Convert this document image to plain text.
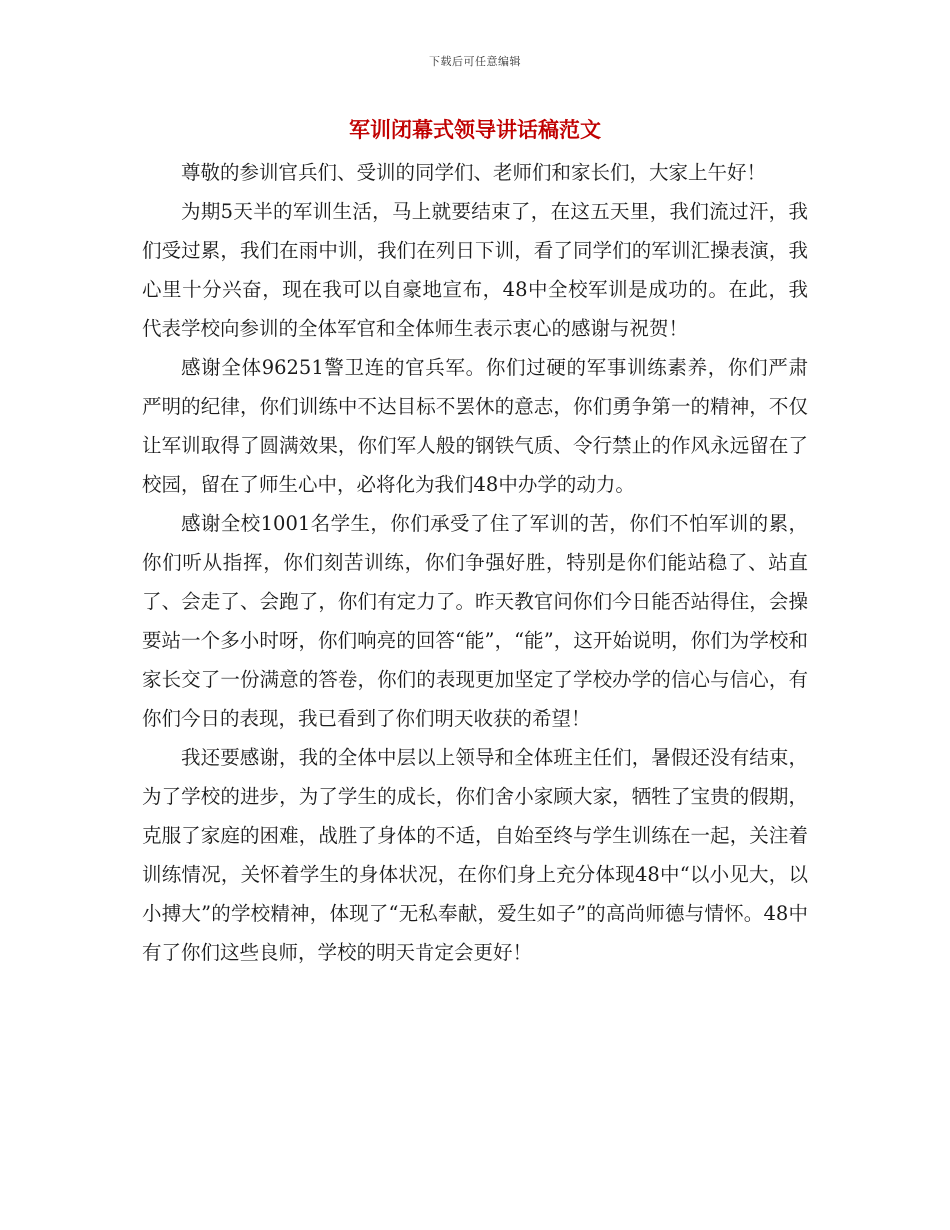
下载后可任意编辑
军训闭幕式领导讲话稿范文

尊敬的参训官兵们、受训的同学们、老师们和家长们，大家上午好！

为期5天半的军训生活，马上就要结束了，在这五天里，我们流过汗，我们受过累，我们在雨中训，我们在列日下训，看了同学们的军训汇操表演，我心里十分兴奋，现在我可以自豪地宣布，48中全校军训是成功的。在此，我代表学校向参训的全体军官和全体师生表示衷心的感谢与祝贺！

感谢全体96251警卫连的官兵军。你们过硬的军事训练素养，你们严肃严明的纪律，你们训练中不达目标不罢休的意志，你们勇争第一的精神，不仅让军训取得了圆满效果，你们军人般的钢铁气质、令行禁止的作风永远留在了校园，留在了师生心中，必将化为我们48中办学的动力。

感谢全校1001名学生，你们承受了住了军训的苦，你们不怕军训的累，你们听从指挥，你们刻苦训练，你们争强好胜，特别是你们能站稳了、站直了、会走了、会跑了，你们有定力了。昨天教官问你们今日能否站得住，会操要站一个多小时呀，你们响亮的回答“能”，“能”，这开始说明，你们为学校和家长交了一份满意的答卷，你们的表现更加坚定了学校办学的信心与信心，有你们今日的表现，我已看到了你们明天收获的希望！

我还要感谢，我的全体中层以上领导和全体班主任们，暑假还没有结束，为了学校的进步，为了学生的成长，你们舍小家顾大家，牺牲了宝贵的假期，克服了家庭的困难，战胜了身体的不适，自始至终与学生训练在一起，关注着训练情况，关怀着学生的身体状况，在你们身上充分体现48中“以小见大，以小搏大”的学校精神，体现了“无私奉献，爱生如子”的高尚师德与情怀。48中有了你们这些良师，学校的明天肯定会更好！
